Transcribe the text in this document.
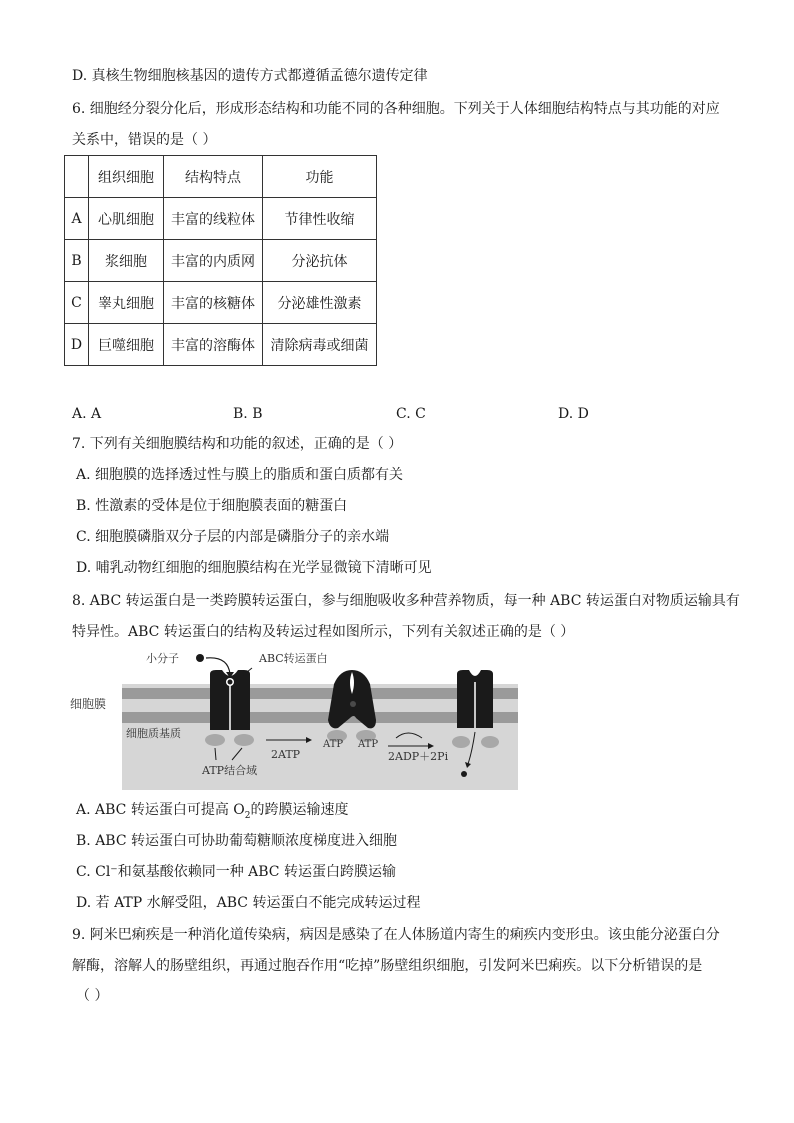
D. 真核生物细胞核基因的遗传方式都遵循孟德尔遗传定律
6. 细胞经分裂分化后，形成形态结构和功能不同的各种细胞。下列关于人体细胞结构特点与其功能的对应
关系中，错误的是（ ）
	组织细胞	结构特点	功能
A	心肌细胞	丰富的线粒体	节律性收缩
B	浆细胞	丰富的内质网	分泌抗体
C	睾丸细胞	丰富的核糖体	分泌雄性激素
D	巨噬细胞	丰富的溶酶体	清除病毒或细菌
A. A	B. B	C. C	D. D
7. 下列有关细胞膜结构和功能的叙述，正确的是（ ）
A. 细胞膜的选择透过性与膜上的脂质和蛋白质都有关
B. 性激素的受体是位于细胞膜表面的糖蛋白
C. 细胞膜磷脂双分子层的内部是磷脂分子的亲水端
D. 哺乳动物红细胞的细胞膜结构在光学显微镜下清晰可见
8. ABC 转运蛋白是一类跨膜转运蛋白，参与细胞吸收多种营养物质，每一种 ABC 转运蛋白对物质运输具有
特异性。ABC 转运蛋白的结构及转运过程如图所示，下列有关叙述正确的是（ ）
细胞膜
细胞质基质
小分子	ABC转运蛋白
ATP结合域
2ATP
ATP ATP
2ADP＋2Pi
A. ABC 转运蛋白可提高 $O_2$的跨膜运输速度
B. ABC 转运蛋白可协助葡萄糖顺浓度梯度进入细胞
C. Cl⁻和氨基酸依赖同一种 ABC 转运蛋白跨膜运输
D. 若 ATP 水解受阻，ABC 转运蛋白不能完成转运过程
9. 阿米巴痢疾是一种消化道传染病，病因是感染了在人体肠道内寄生的痢疾内变形虫。该虫能分泌蛋白分
解酶，溶解人的肠壁组织，再通过胞吞作用“吃掉”肠壁组织细胞，引发阿米巴痢疾。以下分析错误的是
（ ）
